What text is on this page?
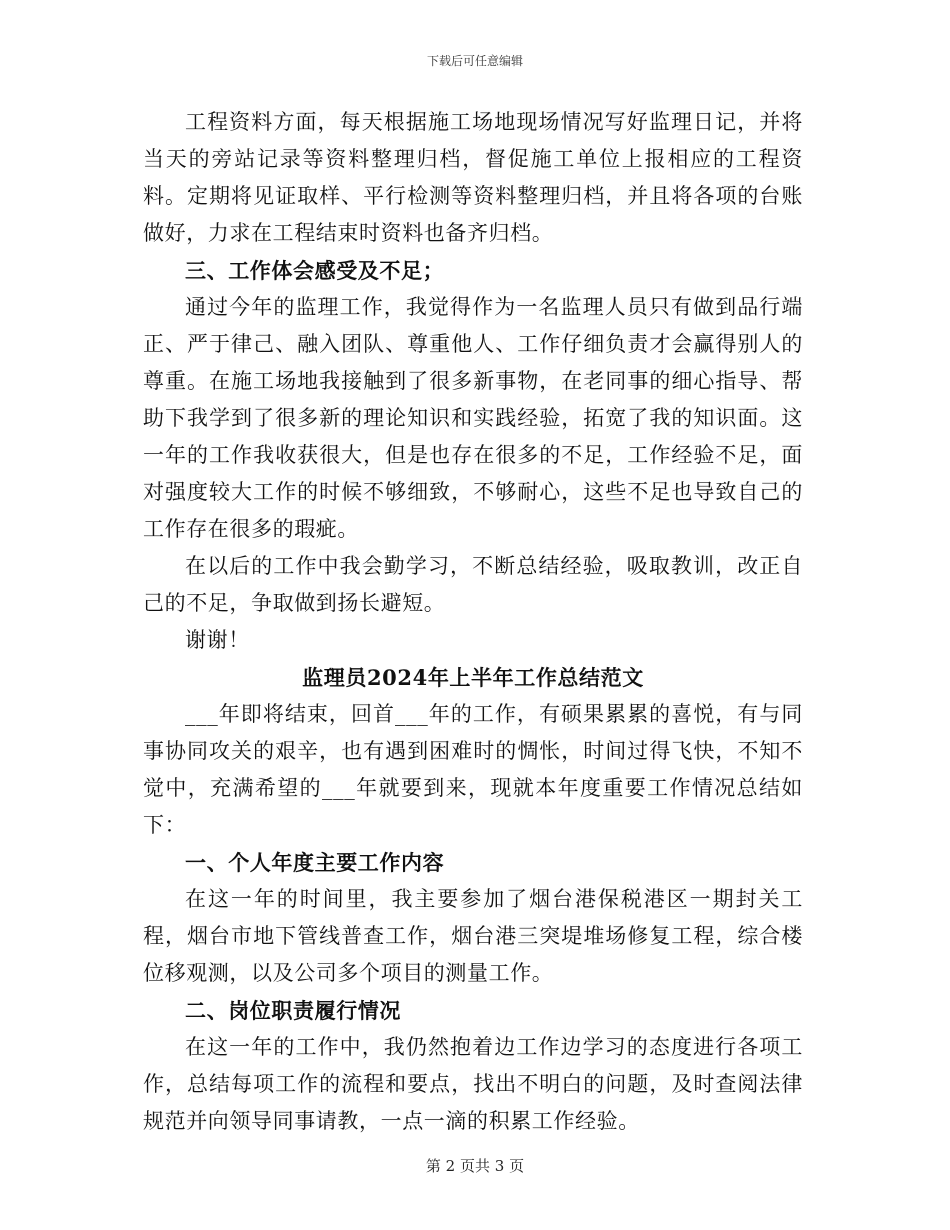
下载后可任意编辑

工程资料方面，每天根据施工场地现场情况写好监理日记，并将当天的旁站记录等资料整理归档，督促施工单位上报相应的工程资料。定期将见证取样、平行检测等资料整理归档，并且将各项的台账做好，力求在工程结束时资料也备齐归档。

三、工作体会感受及不足；

通过今年的监理工作，我觉得作为一名监理人员只有做到品行端正、严于律己、融入团队、尊重他人、工作仔细负责才会赢得别人的尊重。在施工场地我接触到了很多新事物，在老同事的细心指导、帮助下我学到了很多新的理论知识和实践经验，拓宽了我的知识面。这一年的工作我收获很大，但是也存在很多的不足，工作经验不足，面对强度较大工作的时候不够细致，不够耐心，这些不足也导致自己的工作存在很多的瑕疵。

在以后的工作中我会勤学习，不断总结经验，吸取教训，改正自己的不足，争取做到扬长避短。

谢谢！

监理员2024年上半年工作总结范文

___年即将结束，回首___年的工作，有硕果累累的喜悦，有与同事协同攻关的艰辛，也有遇到困难时的惆怅，时间过得飞快，不知不觉中，充满希望的___年就要到来，现就本年度重要工作情况总结如下：

一、个人年度主要工作内容

在这一年的时间里，我主要参加了烟台港保税港区一期封关工程，烟台市地下管线普查工作，烟台港三突堤堆场修复工程，综合楼位移观测，以及公司多个项目的测量工作。

二、岗位职责履行情况

在这一年的工作中，我仍然抱着边工作边学习的态度进行各项工作，总结每项工作的流程和要点，找出不明白的问题，及时查阅法律规范并向领导同事请教，一点一滴的积累工作经验。

第 2 页共 3 页
